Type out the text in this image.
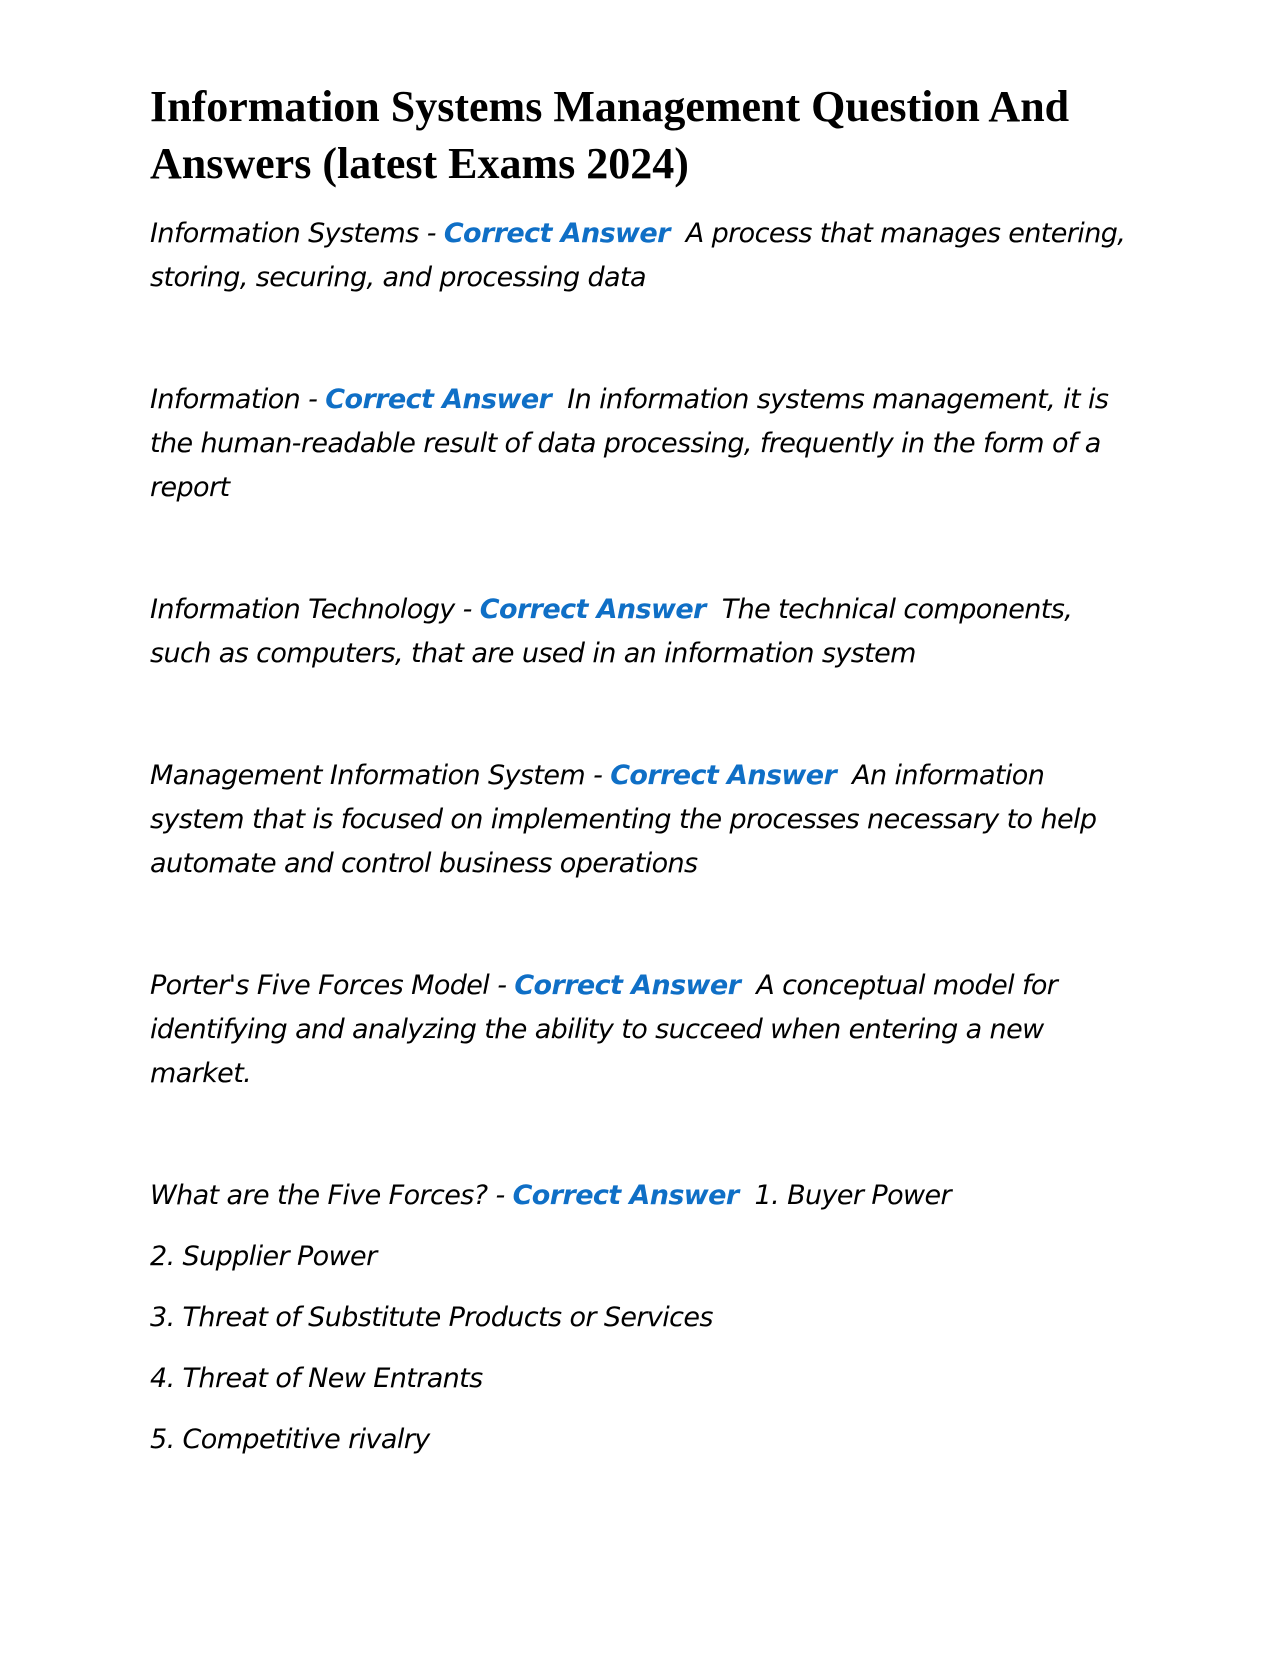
Information Systems Management Question And Answers (latest Exams 2024)

Information Systems - Correct Answer A process that manages entering, storing, securing, and processing data

Information - Correct Answer In information systems management, it is the human-readable result of data processing, frequently in the form of a report

Information Technology - Correct Answer The technical components, such as computers, that are used in an information system

Management Information System - Correct Answer An information system that is focused on implementing the processes necessary to help automate and control business operations

Porter's Five Forces Model - Correct Answer A conceptual model for identifying and analyzing the ability to succeed when entering a new market.

What are the Five Forces? - Correct Answer 1. Buyer Power

2. Supplier Power

3. Threat of Substitute Products or Services

4. Threat of New Entrants

5. Competitive rivalry
